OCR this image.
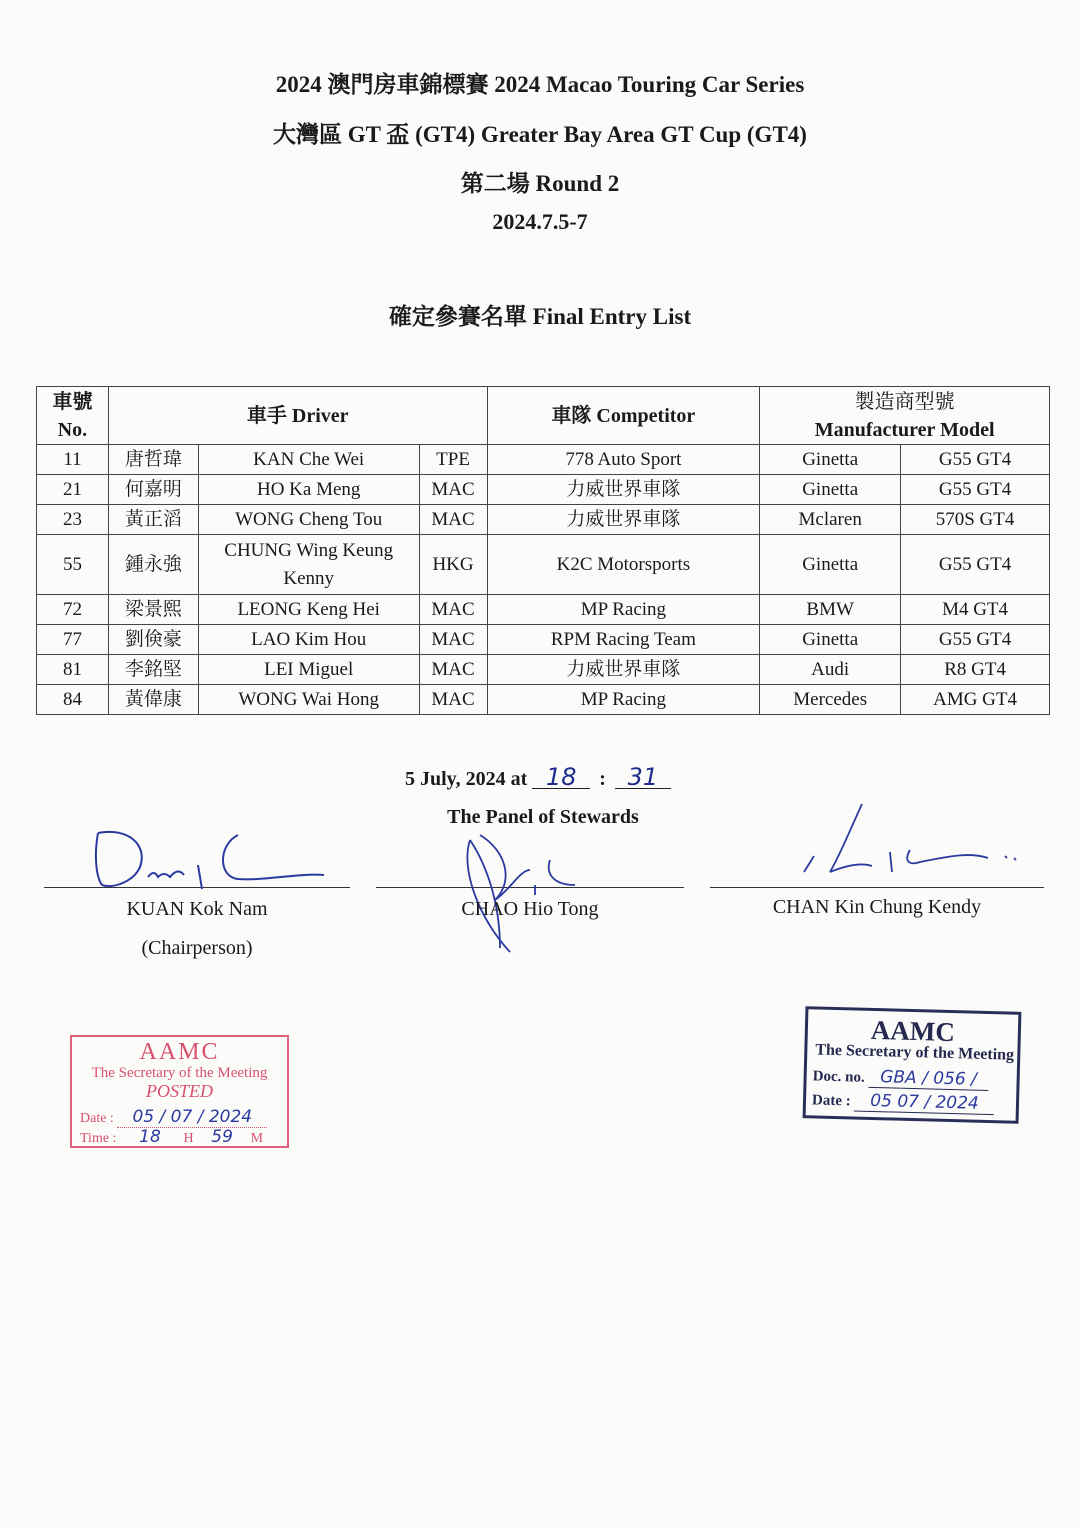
2024 澳門房車錦標賽 2024 Macao Touring Car Series
大灣區 GT 盃 (GT4) Greater Bay Area GT Cup (GT4)
第二場 Round 2
2024.7.5-7
確定參賽名單 Final Entry List
車號
No.	車手 Driver			車隊 Competitor	製造商型號
Manufacturer Model	
11	唐哲瑋	KAN Che Wei	TPE	778 Auto Sport	Ginetta	G55 GT4
21	何嘉明	HO Ka Meng	MAC	力威世界車隊	Ginetta	G55 GT4
23	黃正滔	WONG Cheng Tou	MAC	力威世界車隊	Mclaren	570S GT4
55	鍾永強	CHUNG Wing Keung
Kenny	HKG	K2C Motorsports	Ginetta	G55 GT4
72	梁景熙	LEONG Keng Hei	MAC	MP Racing	BMW	M4 GT4
77	劉倹豪	LAO Kim Hou	MAC	RPM Racing Team	Ginetta	G55 GT4
81	李銘堅	LEI Miguel	MAC	力威世界車隊	Audi	R8 GT4
84	黃偉康	WONG Wai Hong	MAC	MP Racing	Mercedes	AMG GT4
5 July, 2024 at 18 : 31
The Panel of Stewards
KUAN Kok Nam
(Chairperson)
CHAO Hio Tong	CHAN Kin Chung Kendy
AAMC
The Secretary of the Meeting
POSTED
Date : 05 / 07 / 2024
Time : 18 H 59 M
AAMC
The Secretary of the Meeting
Doc. no. GBA / 056 /
Date : 05 07 / 2024
